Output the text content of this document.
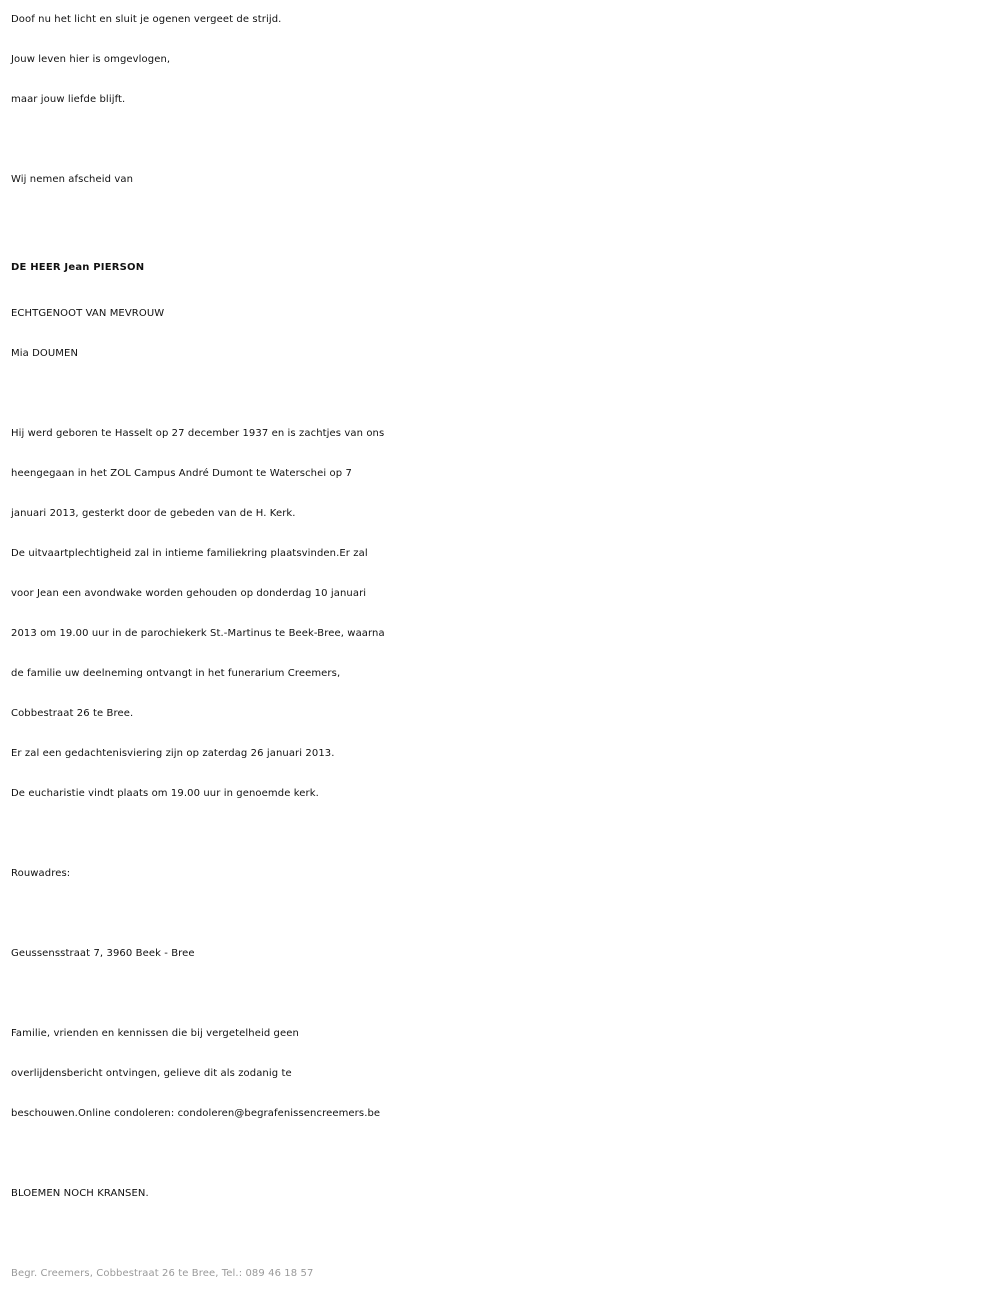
Doof nu het licht en sluit je ogenen vergeet de strijd.
Jouw leven hier is omgevlogen,
maar jouw liefde blijft.
Wij nemen afscheid van
DE HEER Jean PIERSON
ECHTGENOOT VAN MEVROUW
Mia DOUMEN
Hij werd geboren te Hasselt op 27 december 1937 en is zachtjes van ons
heengegaan in het ZOL Campus André Dumont te Waterschei op 7
januari 2013, gesterkt door de gebeden van de H. Kerk.
De uitvaartplechtigheid zal in intieme familiekring plaatsvinden.Er zal
voor Jean een avondwake worden gehouden op donderdag 10 januari
2013 om 19.00 uur in de parochiekerk St.-Martinus te Beek-Bree, waarna
de familie uw deelneming ontvangt in het funerarium Creemers,
Cobbestraat 26 te Bree.
Er zal een gedachtenisviering zijn op zaterdag 26 januari 2013.
De eucharistie vindt plaats om 19.00 uur in genoemde kerk.
Rouwadres:
Geussensstraat 7, 3960 Beek - Bree
Familie, vrienden en kennissen die bij vergetelheid geen
overlijdensbericht ontvingen, gelieve dit als zodanig te
beschouwen.Online condoleren: condoleren@begrafenissencreemers.be
BLOEMEN NOCH KRANSEN.
Begr. Creemers, Cobbestraat 26 te Bree, Tel.: 089 46 18 57
